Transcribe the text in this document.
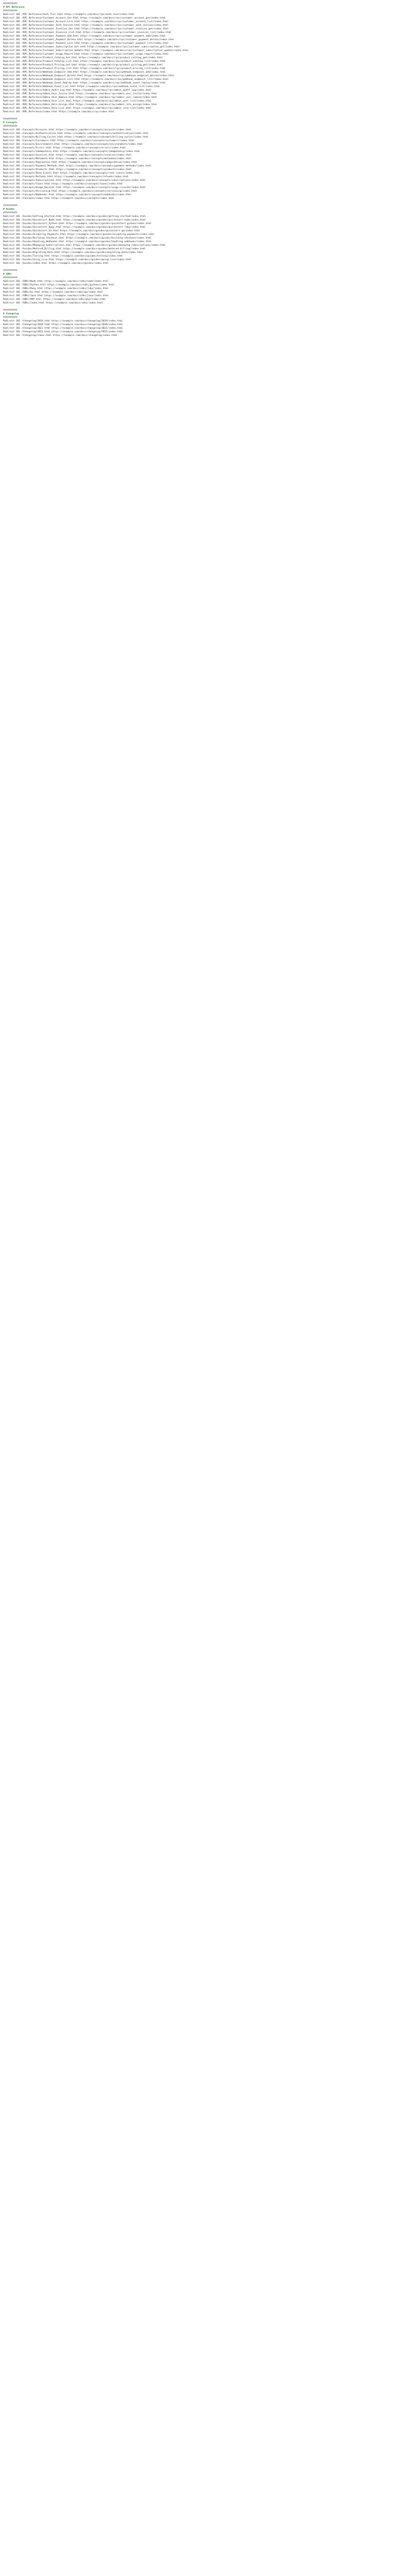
##########
# RPC Reference
##########
Redirect 301 /RPC_Reference/Auth_Test.html https://example.com/docs/rpc/auth_test/index.html
Redirect 301 /RPC_Reference/Customer_Account_Get.html https://example.com/docs/rpc/customer_account_get/index.html
Redirect 301 /RPC_Reference/Customer_Account_List.html https://example.com/docs/rpc/customer_account_list/index.html
Redirect 301 /RPC_Reference/Customer_Auth_Session.html https://example.com/docs/rpc/customer_auth_session/index.html
Redirect 301 /RPC_Reference/Customer_Invoices_Get.html https://example.com/docs/rpc/customer_invoices_get/index.html
Redirect 301 /RPC_Reference/Customer_Invoices_List.html https://example.com/docs/rpc/customer_invoices_list/index.html
Redirect 301 /RPC_Reference/Customer_Payment_Add.html https://example.com/docs/rpc/customer_payment_add/index.html
Redirect 301 /RPC_Reference/Customer_Payment_Delete.html https://example.com/docs/rpc/customer_payment_delete/index.html
Redirect 301 /RPC_Reference/Customer_Payment_List.html https://example.com/docs/rpc/customer_payment_list/index.html
Redirect 301 /RPC_Reference/Customer_Subscription_Get.html https://example.com/docs/rpc/customer_subscription_get/index.html
Redirect 301 /RPC_Reference/Customer_Subscription_Update.html https://example.com/docs/rpc/customer_subscription_update/index.html
Redirect 301 /RPC_Reference/Customer_Usage_Report.html https://example.com/docs/rpc/customer_usage_report/index.html
Redirect 301 /RPC_Reference/Product_Catalog_Get.html https://example.com/docs/rpc/product_catalog_get/index.html
Redirect 301 /RPC_Reference/Product_Catalog_List.html https://example.com/docs/rpc/product_catalog_list/index.html
Redirect 301 /RPC_Reference/Product_Pricing_Get.html https://example.com/docs/rpc/product_pricing_get/index.html
Redirect 301 /RPC_Reference/Product_Pricing_List.html https://example.com/docs/rpc/product_pricing_list/index.html
Redirect 301 /RPC_Reference/Webhook_Endpoint_Add.html https://example.com/docs/rpc/webhook_endpoint_add/index.html
Redirect 301 /RPC_Reference/Webhook_Endpoint_Delete.html https://example.com/docs/rpc/webhook_endpoint_delete/index.html
Redirect 301 /RPC_Reference/Webhook_Endpoint_List.html https://example.com/docs/rpc/webhook_endpoint_list/index.html
Redirect 301 /RPC_Reference/Webhook_Event_Replay.html https://example.com/docs/rpc/webhook_event_replay/index.html
Redirect 301 /RPC_Reference/Webhook_Event_List.html https://example.com/docs/rpc/webhook_event_list/index.html
Redirect 301 /RPC_Reference/Admin_Audit_Log.html https://example.com/docs/rpc/admin_audit_log/index.html
Redirect 301 /RPC_Reference/Admin_User_Invite.html https://example.com/docs/rpc/admin_user_invite/index.html
Redirect 301 /RPC_Reference/Admin_User_Remove.html https://example.com/docs/rpc/admin_user_remove/index.html
Redirect 301 /RPC_Reference/Admin_User_List.html https://example.com/docs/rpc/admin_user_list/index.html
Redirect 301 /RPC_Reference/Admin_Role_Assign.html https://example.com/docs/rpc/admin_role_assign/index.html
Redirect 301 /RPC_Reference/Admin_Role_List.html https://example.com/docs/rpc/admin_role_list/index.html
Redirect 301 /RPC_Reference/index.html https://example.com/docs/rpc/index.html
##########
# Concepts
##########
Redirect 301 /Concepts/Accounts.html https://example.com/docs/concepts/accounts/index.html
Redirect 301 /Concepts/Authentication.html https://example.com/docs/concepts/authentication/index.html
Redirect 301 /Concepts/Billing_Cycles.html https://example.com/docs/concepts/billing-cycles/index.html
Redirect 301 /Concepts/Customers.html https://example.com/docs/concepts/customers/index.html
Redirect 301 /Concepts/Environments.html https://example.com/docs/concepts/environments/index.html
Redirect 301 /Concepts/Errors.html https://example.com/docs/concepts/errors/index.html
Redirect 301 /Concepts/Idempotency.html https://example.com/docs/concepts/idempotency/index.html
Redirect 301 /Concepts/Invoices.html https://example.com/docs/concepts/invoices/index.html
Redirect 301 /Concepts/Metadata.html https://example.com/docs/concepts/metadata/index.html
Redirect 301 /Concepts/Pagination.html https://example.com/docs/concepts/pagination/index.html
Redirect 301 /Concepts/Payment_Methods.html https://example.com/docs/concepts/payment-methods/index.html
Redirect 301 /Concepts/Products.html https://example.com/docs/concepts/products/index.html
Redirect 301 /Concepts/Rate_Limits.html https://example.com/docs/concepts/rate-limits/index.html
Redirect 301 /Concepts/Refunds.html https://example.com/docs/concepts/refunds/index.html
Redirect 301 /Concepts/Subscriptions.html https://example.com/docs/concepts/subscriptions/index.html
Redirect 301 /Concepts/Taxes.html https://example.com/docs/concepts/taxes/index.html
Redirect 301 /Concepts/Usage_Records.html https://example.com/docs/concepts/usage-records/index.html
Redirect 301 /Concepts/Versioning.html https://example.com/docs/concepts/versioning/index.html
Redirect 301 /Concepts/Webhooks.html https://example.com/docs/concepts/webhooks/index.html
Redirect 301 /Concepts/index.html https://example.com/docs/concepts/index.html
##########
# Guides
##########
Redirect 301 /Guides/Getting_Started.html https://example.com/docs/guides/getting-started/index.html
Redirect 301 /Guides/Quickstart_Node.html https://example.com/docs/guides/quickstart-node/index.html
Redirect 301 /Guides/Quickstart_Python.html https://example.com/docs/guides/quickstart-python/index.html
Redirect 301 /Guides/Quickstart_Ruby.html https://example.com/docs/guides/quickstart-ruby/index.html
Redirect 301 /Guides/Quickstart_Go.html https://example.com/docs/guides/quickstart-go/index.html
Redirect 301 /Guides/Accepting_Payments.html https://example.com/docs/guides/accepting-payments/index.html
Redirect 301 /Guides/Building_Checkout.html https://example.com/docs/guides/building-checkout/index.html
Redirect 301 /Guides/Handling_Webhooks.html https://example.com/docs/guides/handling-webhooks/index.html
Redirect 301 /Guides/Managing_Subscriptions.html https://example.com/docs/guides/managing-subscriptions/index.html
Redirect 301 /Guides/Metered_Billing.html https://example.com/docs/guides/metered-billing/index.html
Redirect 301 /Guides/Migrating_Data.html https://example.com/docs/guides/migrating-data/index.html
Redirect 301 /Guides/Testing.html https://example.com/docs/guides/testing/index.html
Redirect 301 /Guides/Going_Live.html https://example.com/docs/guides/going-live/index.html
Redirect 301 /Guides/index.html https://example.com/docs/guides/index.html
##########
# SDKs
##########
Redirect 301 /SDKs/Node.html https://example.com/docs/sdks/node/index.html
Redirect 301 /SDKs/Python.html https://example.com/docs/sdks/python/index.html
Redirect 301 /SDKs/Ruby.html https://example.com/docs/sdks/ruby/index.html
Redirect 301 /SDKs/Go.html https://example.com/docs/sdks/go/index.html
Redirect 301 /SDKs/Java.html https://example.com/docs/sdks/java/index.html
Redirect 301 /SDKs/PHP.html https://example.com/docs/sdks/php/index.html
Redirect 301 /SDKs/index.html https://example.com/docs/sdks/index.html
##########
# Changelog
##########
Redirect 301 /Changelog/2019.html https://example.com/docs/changelog/2019/index.html
Redirect 301 /Changelog/2020.html https://example.com/docs/changelog/2020/index.html
Redirect 301 /Changelog/2021.html https://example.com/docs/changelog/2021/index.html
Redirect 301 /Changelog/2022.html https://example.com/docs/changelog/2022/index.html
Redirect 301 /Changelog/index.html https://example.com/docs/changelog/index.html
